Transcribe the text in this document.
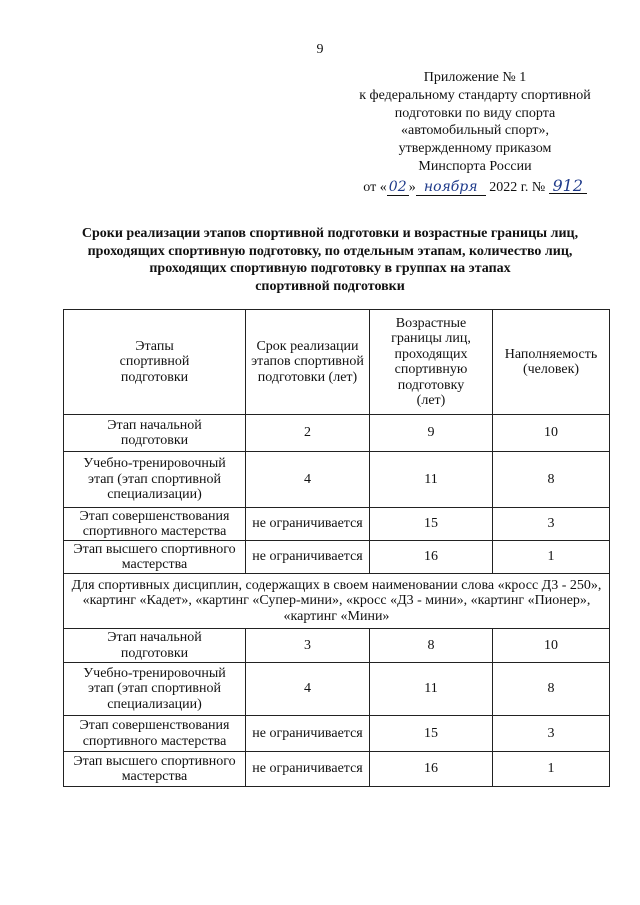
9
Приложение № 1
к федеральному стандарту спортивной
подготовки по виду спорта
«автомобильный спорт»,
утвержденному приказом
Минспорта России
от « 02 » ноября 2022 г. № 912
Сроки реализации этапов спортивной подготовки и возрастные границы лиц,
проходящих спортивную подготовку, по отдельным этапам, количество лиц,
проходящих спортивную подготовку в группах на этапах
спортивной подготовки
Этапы спортивной подготовки	Срок реализации этапов спортивной подготовки (лет)	Возрастные границы лиц, проходящих спортивную подготовку (лет)	Наполняемость (человек)
Этап начальной подготовки	2	9	10
Учебно-тренировочный этап (этап спортивной специализации)	4	11	8
Этап совершенствования спортивного мастерства	не ограничивается	15	3
Этап высшего спортивного мастерства	не ограничивается	16	1
Для спортивных дисциплин, содержащих в своем наименовании слова «кросс Д3 - 250», «картинг «Кадет», «картинг «Супер-мини», «кросс «Д3 - мини», «картинг «Пионер», «картинг «Мини»			
Этап начальной подготовки	3	8	10
Учебно-тренировочный этап (этап спортивной специализации)	4	11	8
Этап совершенствования спортивного мастерства	не ограничивается	15	3
Этап высшего спортивного мастерства	не ограничивается	16	1
